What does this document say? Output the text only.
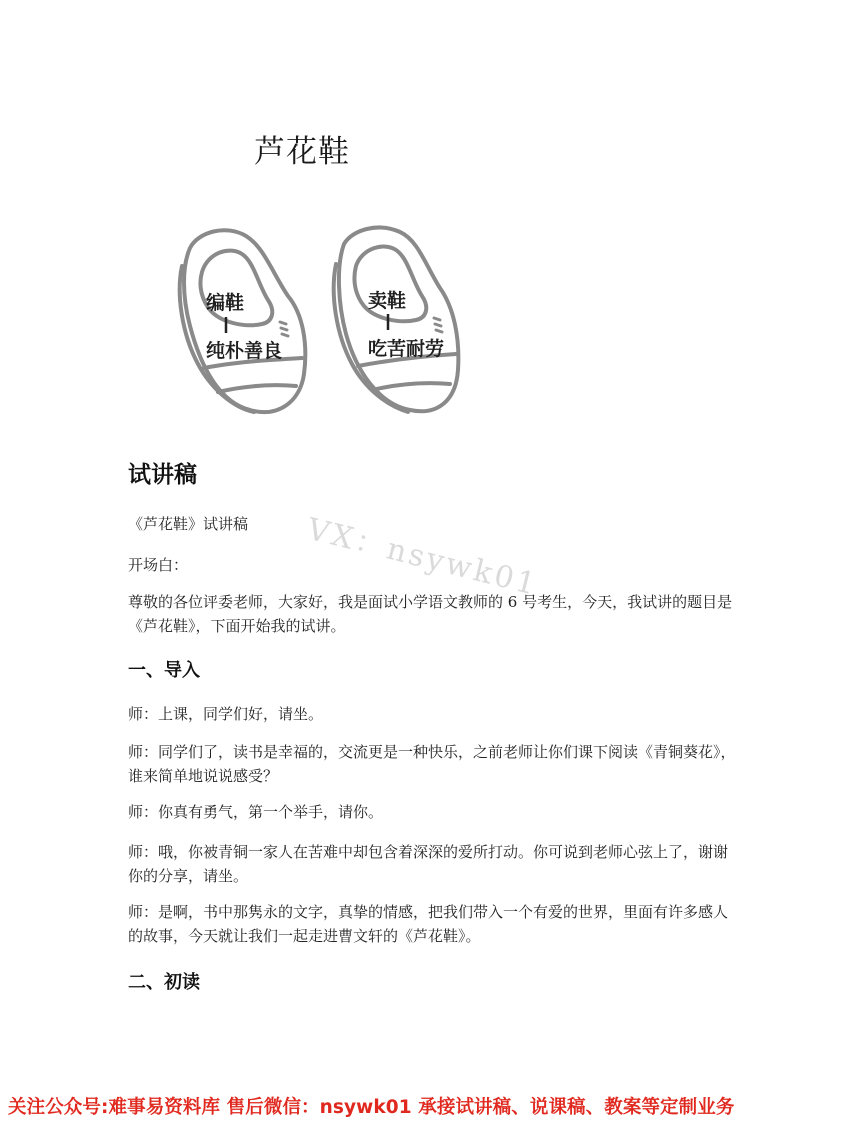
芦花鞋
编鞋
纯朴善良
卖鞋
吃苦耐劳
VX：nsywk01
试讲稿
《芦花鞋》试讲稿
开场白：
尊敬的各位评委老师，大家好，我是面试小学语文教师的 6 号考生，今天，我试讲的题目是《芦花鞋》，下面开始我的试讲。
一、导入
师：上课，同学们好，请坐。
师：同学们了，读书是幸福的，交流更是一种快乐，之前老师让你们课下阅读《青铜葵花》，谁来简单地说说感受？
师：你真有勇气，第一个举手，请你。
师：哦，你被青铜一家人在苦难中却包含着深深的爱所打动。你可说到老师心弦上了，谢谢你的分享，请坐。
师：是啊，书中那隽永的文字，真挚的情感，把我们带入一个有爱的世界，里面有许多感人的故事，今天就让我们一起走进曹文轩的《芦花鞋》。
二、初读
关注公众号:难事易资料库 售后微信：nsywk01 承接试讲稿、说课稿、教案等定制业务
